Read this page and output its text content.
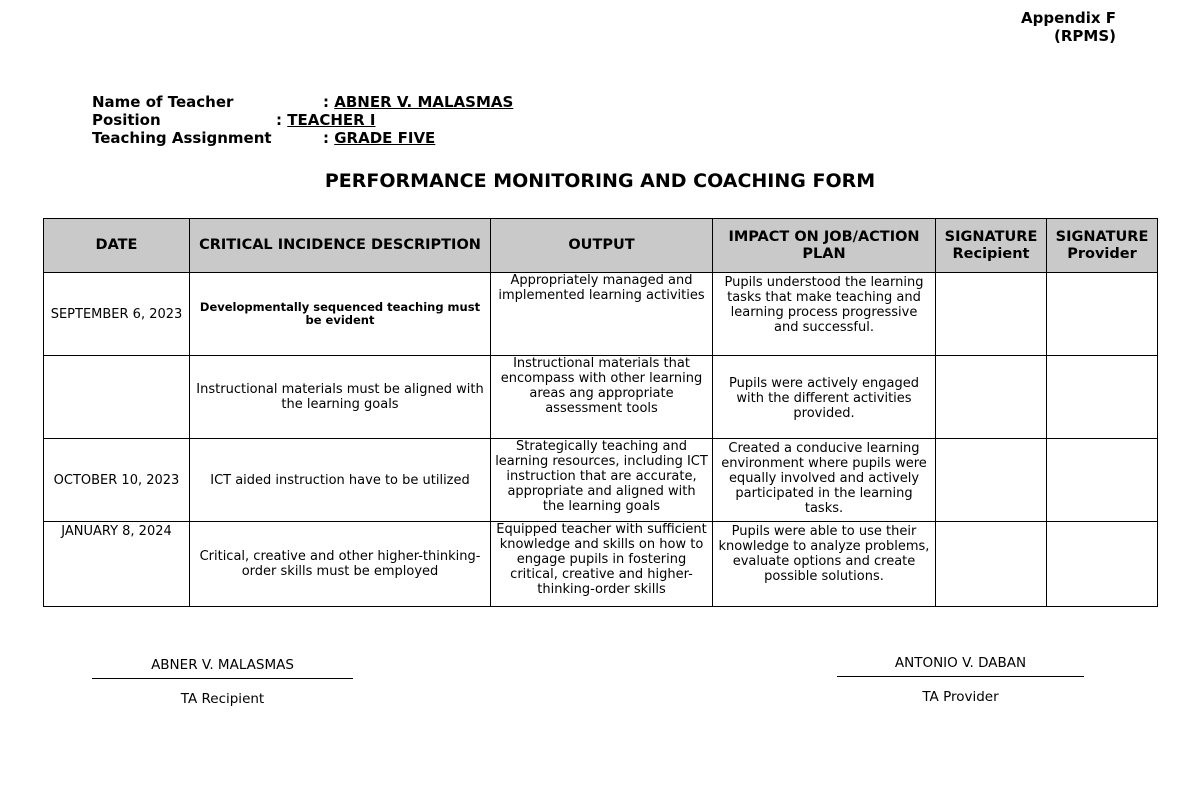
Appendix F
(RPMS)
Name of Teacher	: ABNER V. MALASMAS
Position	: TEACHER I
Teaching Assignment	: GRADE FIVE
PERFORMANCE MONITORING AND COACHING FORM
DATE	CRITICAL INCIDENCE DESCRIPTION	OUTPUT	IMPACT ON JOB/ACTION PLAN	SIGNATURE Recipient	SIGNATURE Provider
SEPTEMBER 6, 2023	Developmentally sequenced teaching must be evident	Appropriately managed and implemented learning activities	Pupils understood the learning tasks that make teaching and learning process progressive and successful.		

	Instructional materials must be aligned with the learning goals	Instructional materials that encompass with other learning areas ang appropriate assessment tools	Pupils were actively engaged with the different activities provided.		

OCTOBER 10, 2023	ICT aided instruction have to be utilized	Strategically teaching and learning resources, including ICT instruction that are accurate, appropriate and aligned with the learning goals	Created a conducive learning environment where pupils were equally involved and actively participated in the learning tasks.		

JANUARY 8, 2024	Critical, creative and other higher-thinking-order skills must be employed	Equipped teacher with sufficient knowledge and skills on how to engage pupils in fostering critical, creative and higher-thinking-order skills	Pupils were able to use their knowledge to analyze problems, evaluate options and create possible solutions.		

ABNER V. MALASMAS
TA Recipient
ANTONIO V. DABAN
TA Provider
